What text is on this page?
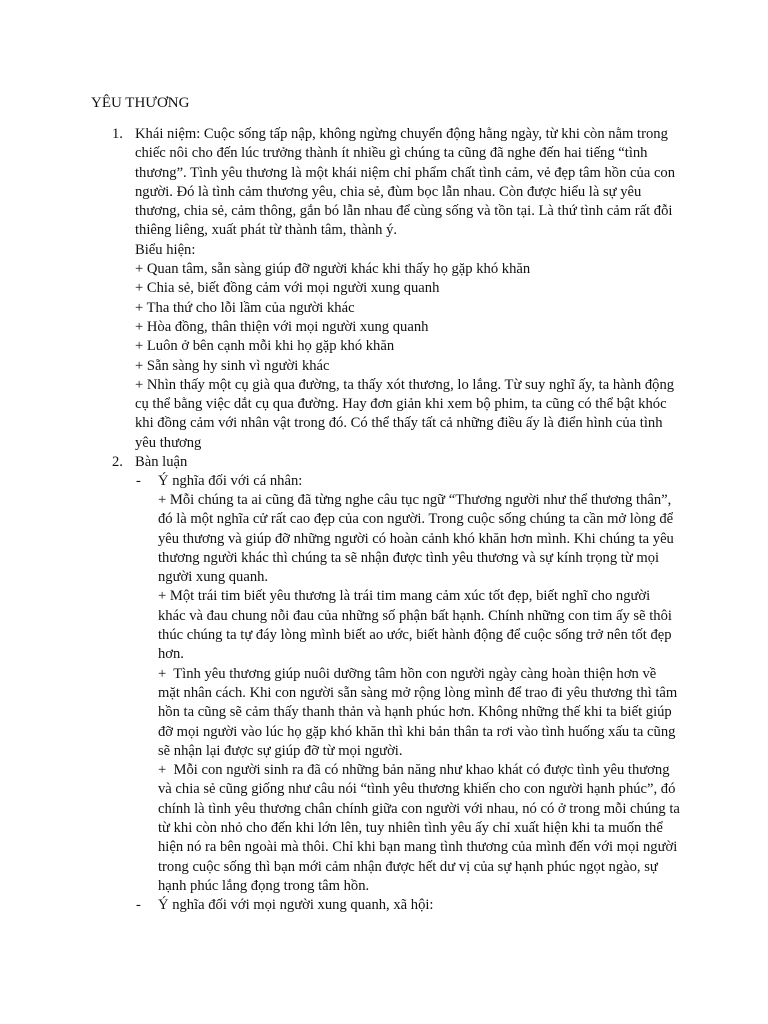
YÊU THƯƠNG
1. Khái niệm: Cuộc sống tấp nập, không ngừng chuyển động hằng ngày, từ khi còn nằm trong chiếc nôi cho đến lúc trưởng thành ít nhiều gì chúng ta cũng đã nghe đến hai tiếng “tình thương”. Tình yêu thương là một khái niệm chỉ phẩm chất tình cảm, vẻ đẹp tâm hồn của con người. Đó là tình cảm thương yêu, chia sẻ, đùm bọc lẫn nhau. Còn được hiểu là sự yêu thương, chia sẻ, cảm thông, gắn bó lẫn nhau để cùng sống và tồn tại. Là thứ tình cảm rất đỗi thiêng liêng, xuất phát từ thành tâm, thành ý.

Biểu hiện:

+ Quan tâm, sẵn sàng giúp đỡ người khác khi thấy họ gặp khó khăn

+ Chia sẻ, biết đồng cảm với mọi người xung quanh

+ Tha thứ cho lỗi lầm của người khác

+ Hòa đồng, thân thiện với mọi người xung quanh

+ Luôn ở bên cạnh mỗi khi họ gặp khó khăn

+ Sẵn sàng hy sinh vì người khác

+ Nhìn thấy một cụ già qua đường, ta thấy xót thương, lo lắng. Từ suy nghĩ ấy, ta hành động cụ thể bằng việc dắt cụ qua đường. Hay đơn giản khi xem bộ phim, ta cũng có thể bật khóc khi đồng cảm với nhân vật trong đó. Có thể thấy tất cả những điều ấy là điển hình của tình yêu thương

2. Bàn luận
- Ý nghĩa đối với cá nhân:

+ Mỗi chúng ta ai cũng đã từng nghe câu tục ngữ “Thương người như thể thương thân”, đó là một nghĩa cử rất cao đẹp của con người. Trong cuộc sống chúng ta cần mở lòng để yêu thương và giúp đỡ những người có hoàn cảnh khó khăn hơn mình. Khi chúng ta yêu thương người khác thì chúng ta sẽ nhận được tình yêu thương và sự kính trọng từ mọi người xung quanh.

+ Một trái tim biết yêu thương là trái tim mang cảm xúc tốt đẹp, biết nghĩ cho người khác và đau chung nỗi đau của những số phận bất hạnh. Chính những con tim ấy sẽ thôi thúc chúng ta tự đáy lòng mình biết ao ước, biết hành động để cuộc sống trở nên tốt đẹp hơn.

+  Tình yêu thương giúp nuôi dưỡng tâm hồn con người ngày càng hoàn thiện hơn về mặt nhân cách. Khi con người sẵn sàng mở rộng lòng mình để trao đi yêu thương thì tâm hồn ta cũng sẽ cảm thấy thanh thản và hạnh phúc hơn. Không những thế khi ta biết giúp đỡ mọi người vào lúc họ gặp khó khăn thì khi bản thân ta rơi vào tình huống xấu ta cũng sẽ nhận lại được sự giúp đỡ từ mọi người.

+  Mỗi con người sinh ra đã có những bản năng như khao khát có được tình yêu thương và chia sẻ cũng giống như câu nói “tình yêu thương khiến cho con người hạnh phúc”, đó chính là tình yêu thương chân chính giữa con người với nhau, nó có ở trong mỗi chúng ta từ khi còn nhỏ cho đến khi lớn lên, tuy nhiên tình yêu ấy chỉ xuất hiện khi ta muốn thể hiện nó ra bên ngoài mà thôi. Chỉ khi bạn mang tình thương của mình đến với mọi người trong cuộc sống thì bạn mới cảm nhận được hết dư vị của sự hạnh phúc ngọt ngào, sự hạnh phúc lắng đọng trong tâm hồn.

- Ý nghĩa đối với mọi người xung quanh, xã hội:
